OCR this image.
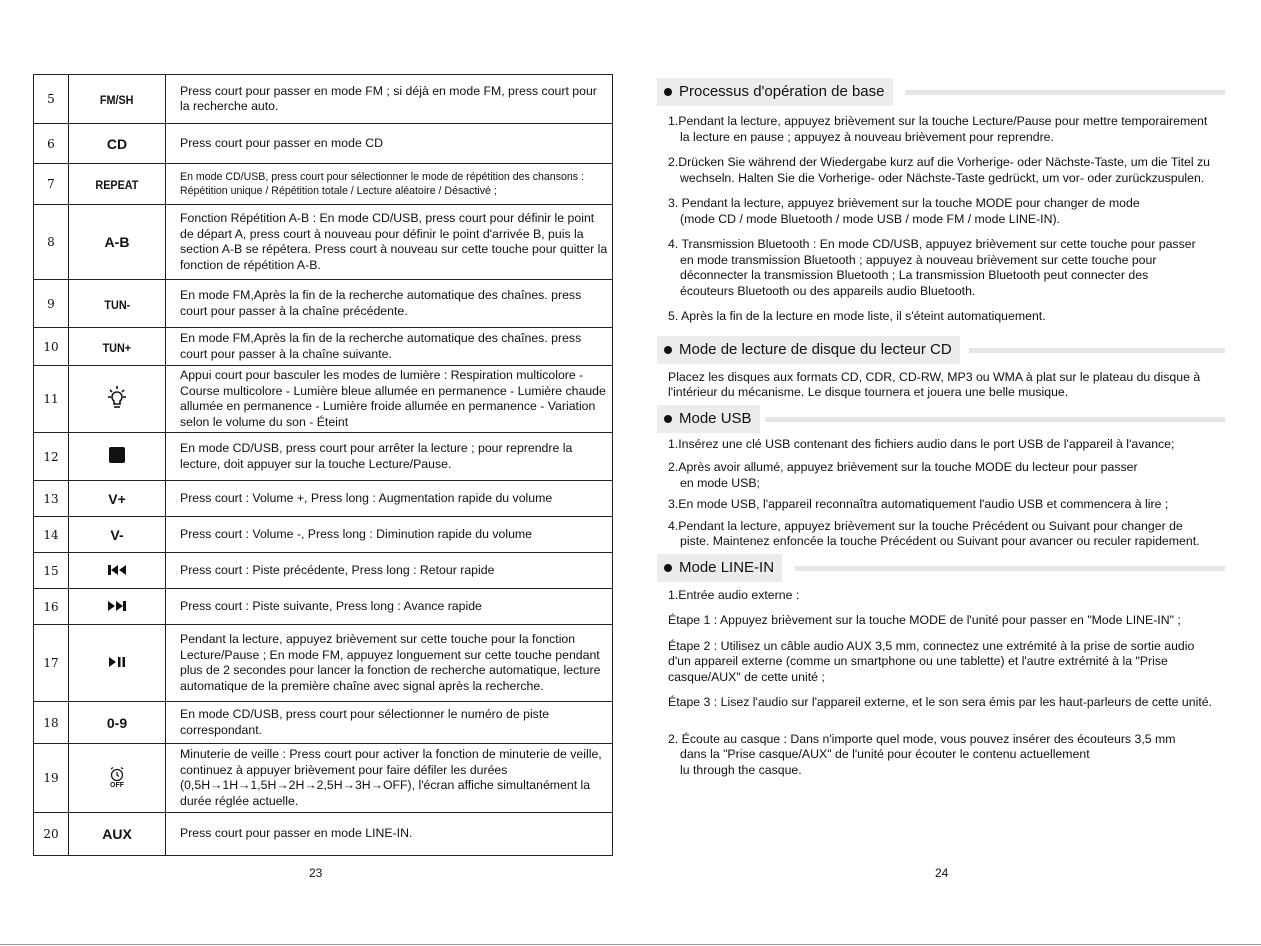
5	FM/SH	Press court pour passer en mode FM ; si déjà en mode FM, press court pour la recherche auto.
6	CD	Press court pour passer en mode CD
7	REPEAT	En mode CD/USB, press court pour sélectionner le mode de répétition des chansons : Répétition unique / Répétition totale / Lecture aléatoire / Désactivé ;
8	A-B	Fonction Répétition A-B : En mode CD/USB, press court pour définir le point de départ A, press court à nouveau pour définir le point d'arrivée B, puis la section A-B se répétera. Press court à nouveau sur cette touche pour quitter la fonction de répétition A-B.
9	TUN-	En mode FM,Après la fin de la recherche automatique des chaînes. press court pour passer à la chaîne précédente.
10	TUN+	En mode FM,Après la fin de la recherche automatique des chaînes. press court pour passer à la chaîne suivante.
11		Appui court pour basculer les modes de lumière : Respiration multicolore - Course multicolore - Lumière bleue allumée en permanence - Lumière chaude allumée en permanence - Lumière froide allumée en permanence - Variation selon le volume du son - Éteint
12		En mode CD/USB, press court pour arrêter la lecture ; pour reprendre la lecture, doit appuyer sur la touche Lecture/Pause.
13	V+	Press court : Volume +, Press long : Augmentation rapide du volume
14	V-	Press court : Volume -, Press long : Diminution rapide du volume
15		Press court : Piste précédente, Press long : Retour rapide
16		Press court : Piste suivante, Press long : Avance rapide
17		Pendant la lecture, appuyez brièvement sur cette touche pour la fonction Lecture/Pause ; En mode FM, appuyez longuement sur cette touche pendant plus de 2 secondes pour lancer la fonction de recherche automatique, lecture automatique de la première chaîne avec signal après la recherche.
18	0-9	En mode CD/USB, press court pour sélectionner le numéro de piste correspondant.
19	OFF	Minuterie de veille : Press court pour activer la fonction de minuterie de veille, continuez à appuyer brièvement pour faire défiler les durées (0,5H→1H→1,5H→2H→2,5H→3H→OFF), l'écran affiche simultanément la durée réglée actuelle.
20	AUX	Press court pour passer en mode LINE-IN.
23
Processus d'opération de base

1.Pendant la lecture, appuyez brièvement sur la touche Lecture/Pause pour mettre temporairement

la lecture en pause ; appuyez à nouveau brièvement pour reprendre.

2.Drücken Sie während der Wiedergabe kurz auf die Vorherige- oder Nächste-Taste, um die Titel zu

wechseln. Halten Sie die Vorherige- oder Nächste-Taste gedrückt, um vor- oder zurückzuspulen.

3. Pendant la lecture, appuyez brièvement sur la touche MODE pour changer de mode

(mode CD / mode Bluetooth / mode USB / mode FM / mode LINE-IN).

4. Transmission Bluetooth : En mode CD/USB, appuyez brièvement sur cette touche pour passer

en mode transmission Bluetooth ; appuyez à nouveau brièvement sur cette touche pour

déconnecter la transmission Bluetooth ; La transmission Bluetooth peut connecter des

écouteurs Bluetooth ou des appareils audio Bluetooth.

5. Après la fin de la lecture en mode liste, il s'éteint automatiquement.

Mode de lecture de disque du lecteur CD

Placez les disques aux formats CD, CDR, CD-RW, MP3 ou WMA à plat sur le plateau du disque à

l'intérieur du mécanisme. Le disque tournera et jouera une belle musique.

Mode USB

1.Insérez une clé USB contenant des fichiers audio dans le port USB de l'appareil à l'avance;

2.Après avoir allumé, appuyez brièvement sur la touche MODE du lecteur pour passer

en mode USB;

3.En mode USB, l'appareil reconnaîtra automatiquement l'audio USB et commencera à lire ;

4.Pendant la lecture, appuyez brièvement sur la touche Précédent ou Suivant pour changer de

piste. Maintenez enfoncée la touche Précédent ou Suivant pour avancer ou reculer rapidement.

Mode LINE-IN

1.Entrée audio externe :

Étape 1 : Appuyez brièvement sur la touche MODE de l'unité pour passer en "Mode LINE-IN" ;

Étape 2 : Utilisez un câble audio AUX 3,5 mm, connectez une extrémité à la prise de sortie audio

d'un appareil externe (comme un smartphone ou une tablette) et l'autre extrémité à la "Prise

casque/AUX" de cette unité ;

Étape 3 : Lisez l'audio sur l'appareil externe, et le son sera émis par les haut-parleurs de cette unité.

2. Écoute au casque : Dans n'importe quel mode, vous pouvez insérer des écouteurs 3,5 mm

dans la "Prise casque/AUX" de l'unité pour écouter le contenu actuellement

lu through the casque.

24
